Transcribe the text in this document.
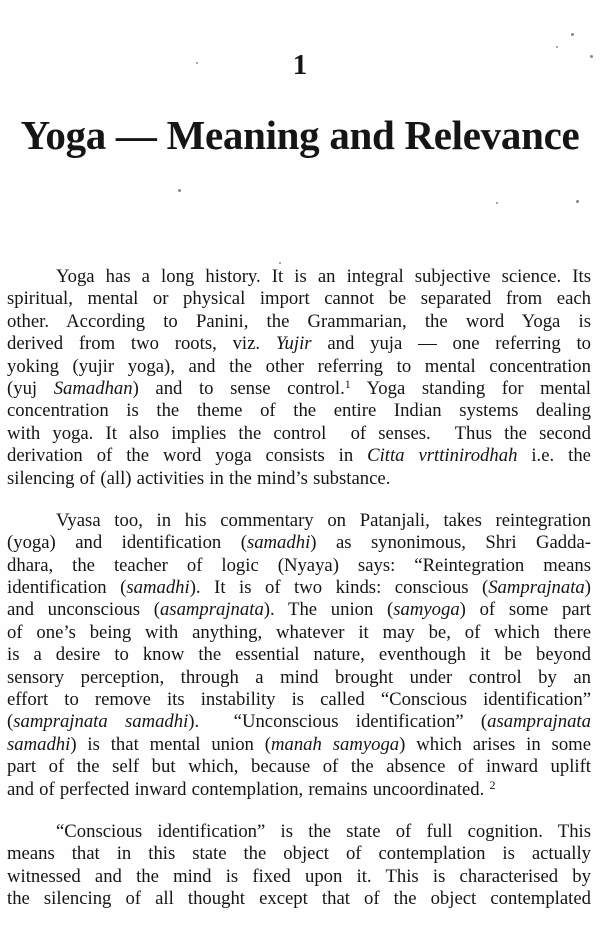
1
Yoga — Meaning and Relevance
Yoga has a long history. It is an integral subjective science. Its
spiritual, mental or physical import cannot be separated from each
other. According to Panini, the Grammarian, the word Yoga is
derived from two roots, viz. Yujir and yuja — one referring to
yoking (yujir yoga), and the other referring to mental concentration
(yuj Samadhan) and to sense control.$^1$ Yoga standing for mental
concentration is the theme of the entire Indian systems dealing
with yoga. It also implies the control  of senses.  Thus the second
derivation of the word yoga consists in Citta vrttinirodhah i.e. the
silencing of (all) activities in the mind’s substance.
Vyasa too, in his commentary on Patanjali, takes reintegration
(yoga) and identification (samadhi) as synonimous, Shri Gadda-
dhara, the teacher of logic (Nyaya) says: “Reintegration means
identification (samadhi). It is of two kinds: conscious (Samprajnata)
and unconscious (asamprajnata). The union (samyoga) of some part
of one’s being with anything, whatever it may be, of which there
is a desire to know the essential nature, eventhough it be beyond
sensory perception, through a mind brought under control by an
effort to remove its instability is called “Conscious identification”
(samprajnata samadhi).  “Unconscious identification” (asamprajnata
samadhi) is that mental union (manah samyoga) which arises in some
part of the self but which, because of the absence of inward uplift
and of perfected inward contemplation, remains uncoordinated. $^2$
“Conscious identification” is the state of full cognition. This
means that in this state the object of contemplation is actually
witnessed and the mind is fixed upon it. This is characterised by
the silencing of all thought except that of the object contemplated
